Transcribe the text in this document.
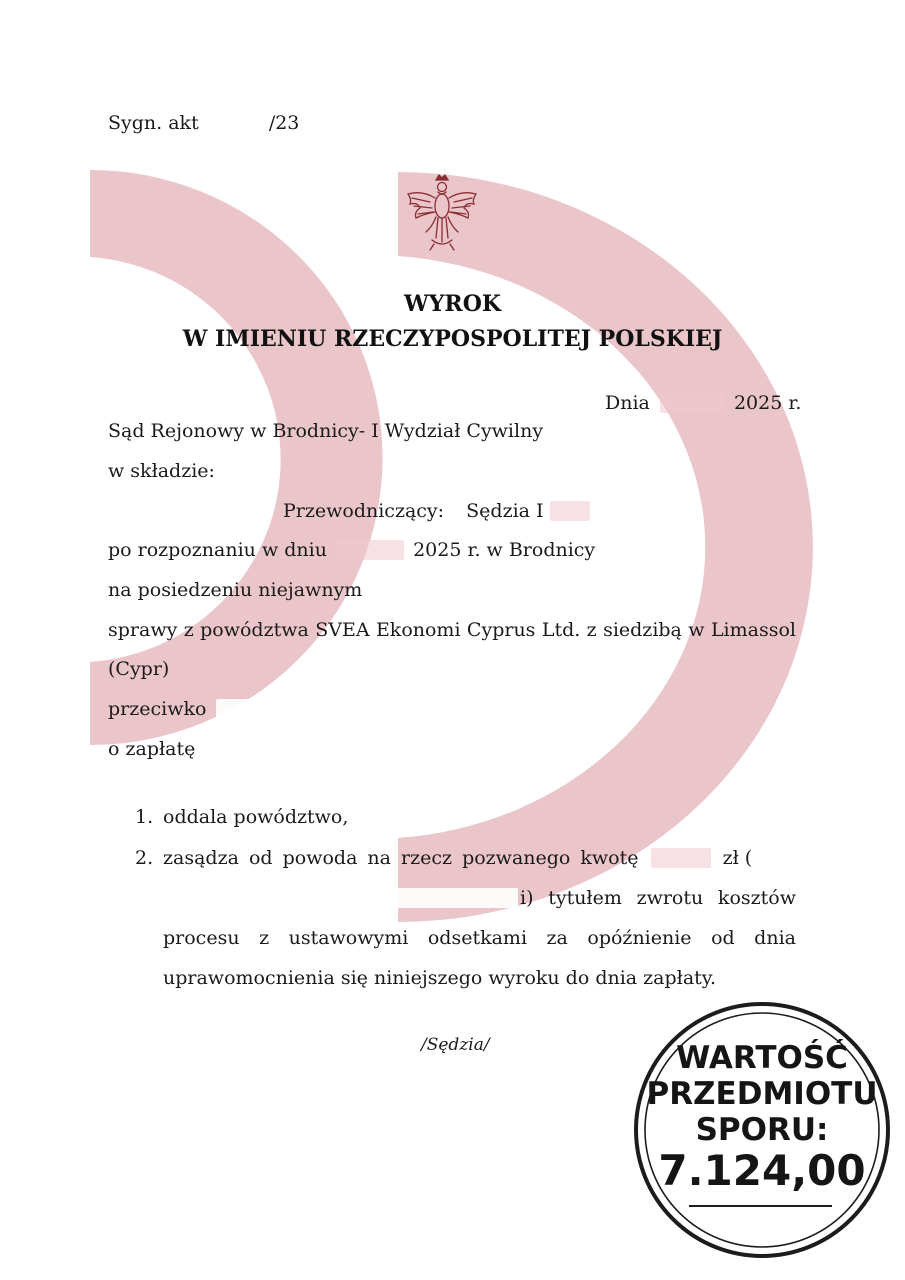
Sygn. akt	/23
WYROK
W IMIENIU RZECZYPOSPOLITEJ POLSKIEJ
Dnia	2025 r.
Sąd Rejonowy w Brodnicy- I Wydział Cywilny
w składzie:
Przewodniczący: Sędzia I
po rozpoznaniu w dniu	2025 r. w Brodnicy
na posiedzeniu niejawnym
sprawy z powództwa SVEA Ekonomi Cyprus Ltd. z siedzibą w Limassol
(Cypr)
przeciwko
o zapłatę
1. oddala powództwo,
2. zasądza od powoda na rzecz pozwanego kwotę	zł (
i) tytułem zwrotu kosztów
procesu z ustawowymi odsetkami za opóźnienie od dnia
uprawomocnienia się niniejszego wyroku do dnia zapłaty.
/Sędzia/	WARTOŚĆ
PRZEDMIOTU
SPORU:
7.124,00
